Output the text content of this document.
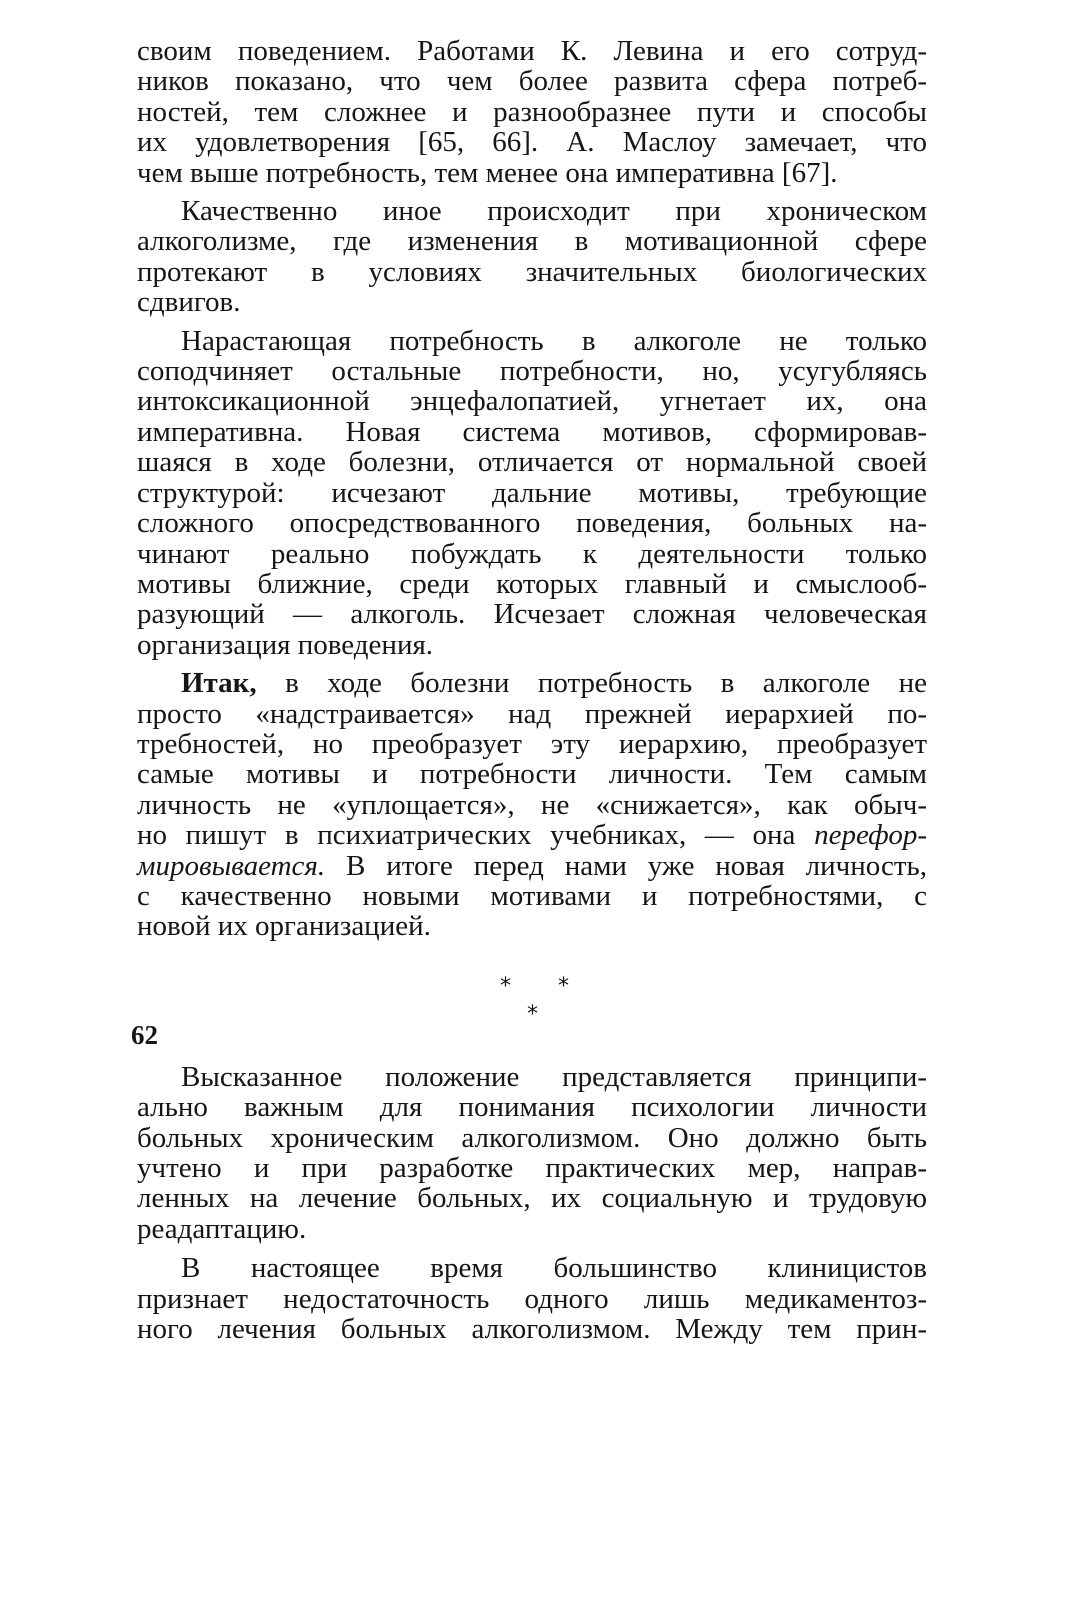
своим поведением. Работами К. Левина и его сотруд-
ников показано, что чем более развита сфера потреб-
ностей, тем сложнее и разнообразнее пути и способы
их удовлетворения [65, 66]. А. Маслоу замечает, что
чем выше потребность, тем менее она императивна [67].

Качественно иное происходит при хроническом
алкоголизме, где изменения в мотивационной сфере
протекают в условиях значительных биологических
сдвигов.

Нарастающая потребность в алкоголе не только
соподчиняет остальные потребности, но, усугубляясь
интоксикационной энцефалопатией, угнетает их, она
императивна. Новая система мотивов, сформировав-
шаяся в ходе болезни, отличается от нормальной своей
структурой: исчезают дальние мотивы, требующие
сложного опосредствованного поведения, больных на-
чинают реально побуждать к деятельности только
мотивы ближние, среди которых главный и смыслооб-
разующий — алкоголь. Исчезает сложная человеческая
организация поведения.

Итак, в ходе болезни потребность в алкоголе не
просто «надстраивается» над прежней иерархией по-
требностей, но преобразует эту иерархию, преобразует
самые мотивы и потребности личности. Тем самым
личность не «уплощается», не «снижается», как обыч-
но пишут в психиатрических учебниках, — она перефор-
мировывается. В итоге перед нами уже новая личность,
с качественно новыми мотивами и потребностями, с
новой их организацией.

* *
*

Высказанное положение представляется принципи-
ально важным для понимания психологии личности
больных хроническим алкоголизмом. Оно должно быть
учтено и при разработке практических мер, направ-
ленных на лечение больных, их социальную и трудовую
реадаптацию.

В настоящее время большинство клиницистов
признает недостаточность одного лишь медикаментоз-
ного лечения больных алкоголизмом. Между тем прин-

62
